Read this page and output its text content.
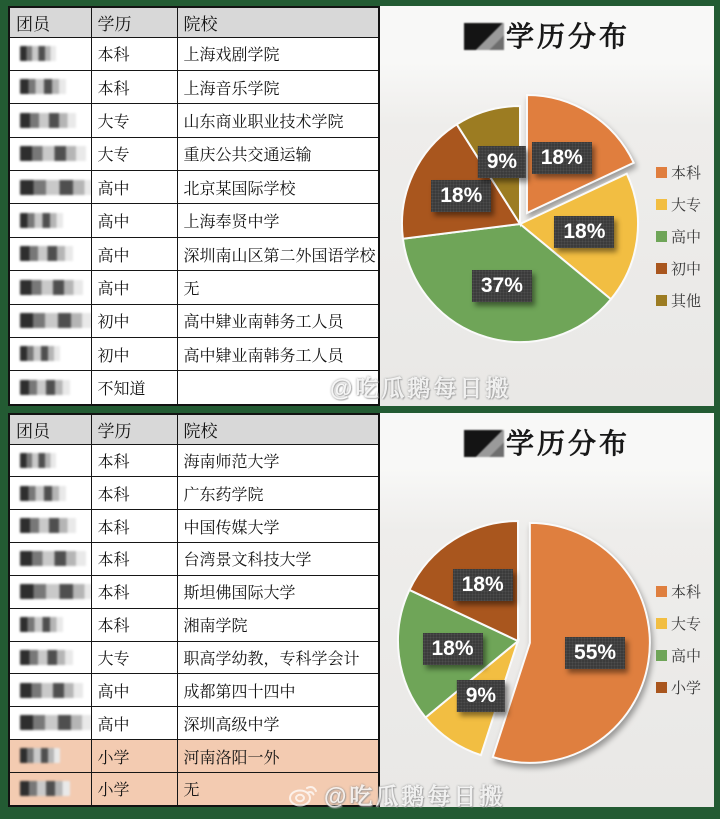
团员	学历	院校
	本科	上海戏剧学院
	本科	上海音乐学院
	大专	山东商业职业技术学院
	大专	重庆公共交通运输
	高中	北京某国际学校
	高中	上海奉贤中学
	高中	深圳南山区第二外国语学校
	高中	无
	初中	高中肄业南韩务工人员
	初中	高中肄业南韩务工人员
	不知道	
学历分布
本科
大专
高中
初中
其他
18%
18%
37%
18%
9%
团员	学历	院校
	本科	海南师范大学
	本科	广东药学院
	本科	中国传媒大学
	本科	台湾景文科技大学
	本科	斯坦佛国际大学
	本科	湘南学院
	大专	职高学幼教，专科学会计
	高中	成都第四十四中
	高中	深圳高级中学
	小学	河南洛阳一外
	小学	无
学历分布
本科
大专
高中
小学
55%
9%
18%
18%
@吃瓜鹅每日搬
@吃瓜鹅每日搬
